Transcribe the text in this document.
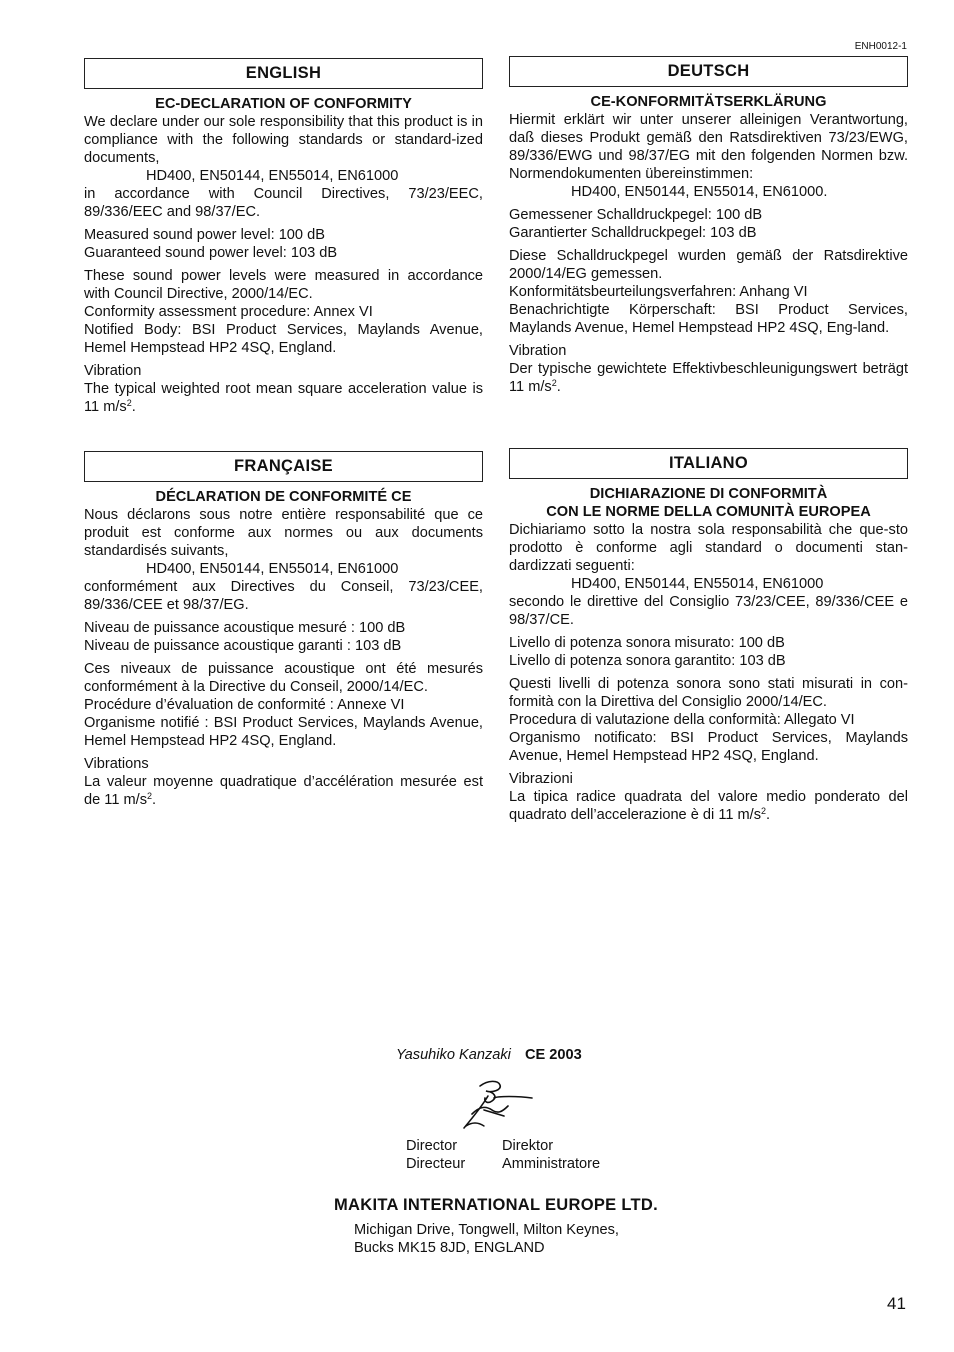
ENH0012-1
ENGLISH
EC-DECLARATION OF CONFORMITY
We declare under our sole responsibility that this product is in compliance with the following standards or standard-ized documents,
HD400, EN50144, EN55014, EN61000
in accordance with Council Directives, 73/23/EEC, 89/336/EEC and 98/37/EC.
Measured sound power level: 100 dB
Guaranteed sound power level: 103 dB
These sound power levels were measured in accordance with Council Directive, 2000/14/EC.
Conformity assessment procedure: Annex VI
Notified Body: BSI Product Services, Maylands Avenue, Hemel Hempstead HP2 4SQ, England.
Vibration
The typical weighted root mean square acceleration value is 11 $m/s^2$.
DEUTSCH
CE-KONFORMITÄTSERKLÄRUNG
Hiermit erklärt wir unter unserer alleinigen Verantwortung, daß dieses Produkt gemäß den Ratsdirektiven 73/23/EWG, 89/336/EWG und 98/37/EG mit den folgenden Normen bzw. Normendokumenten übereinstimmen:
HD400, EN50144, EN55014, EN61000.
Gemessener Schalldruckpegel: 100 dB
Garantierter Schalldruckpegel: 103 dB
Diese Schalldruckpegel wurden gemäß der Ratsdirektive 2000/14/EG gemessen.
Konformitätsbeurteilungsverfahren: Anhang VI
Benachrichtigte Körperschaft: BSI Product Services, Maylands Avenue, Hemel Hempstead HP2 4SQ, Eng-land.
Vibration
Der typische gewichtete Effektivbeschleunigungswert beträgt 11 $m/s^2$.
FRANÇAISE
DÉCLARATION DE CONFORMITÉ CE
Nous déclarons sous notre entière responsabilité que ce produit est conforme aux normes ou aux documents standardisés suivants,
HD400, EN50144, EN55014, EN61000
conformément aux Directives du Conseil, 73/23/CEE, 89/336/CEE et 98/37/EG.
Niveau de puissance acoustique mesuré : 100 dB
Niveau de puissance acoustique garanti : 103 dB
Ces niveaux de puissance acoustique ont été mesurés conformément à la Directive du Conseil, 2000/14/EC.
Procédure d’évaluation de conformité : Annexe VI
Organisme notifié : BSI Product Services, Maylands Avenue, Hemel Hempstead HP2 4SQ, England.
Vibrations
La valeur moyenne quadratique d’accélération mesurée est de 11 $m/s^2$.
ITALIANO
DICHIARAZIONE DI CONFORMITÀ
CON LE NORME DELLA COMUNITÀ EUROPEA
Dichiariamo sotto la nostra sola responsabilità che que-sto prodotto è conforme agli standard o documenti stan-dardizzati seguenti:
HD400, EN50144, EN55014, EN61000
secondo le direttive del Consiglio 73/23/CEE, 89/336/CEE e 98/37/CE.
Livello di potenza sonora misurato: 100 dB
Livello di potenza sonora garantito: 103 dB
Questi livelli di potenza sonora sono stati misurati in con-formità con la Direttiva del Consiglio 2000/14/EC.
Procedura di valutazione della conformità: Allegato VI
Organismo notificato: BSI Product Services, Maylands Avenue, Hemel Hempstead HP2 4SQ, England.
Vibrazioni
La tipica radice quadrata del valore medio ponderato del quadrato dell’accelerazione è di 11 $m/s^2$.
Yasuhiko Kanzaki CE 2003
Director
Directeur
Direktor
Amministratore
MAKITA INTERNATIONAL EUROPE LTD.
Michigan Drive, Tongwell, Milton Keynes,
Bucks MK15 8JD, ENGLAND
41
